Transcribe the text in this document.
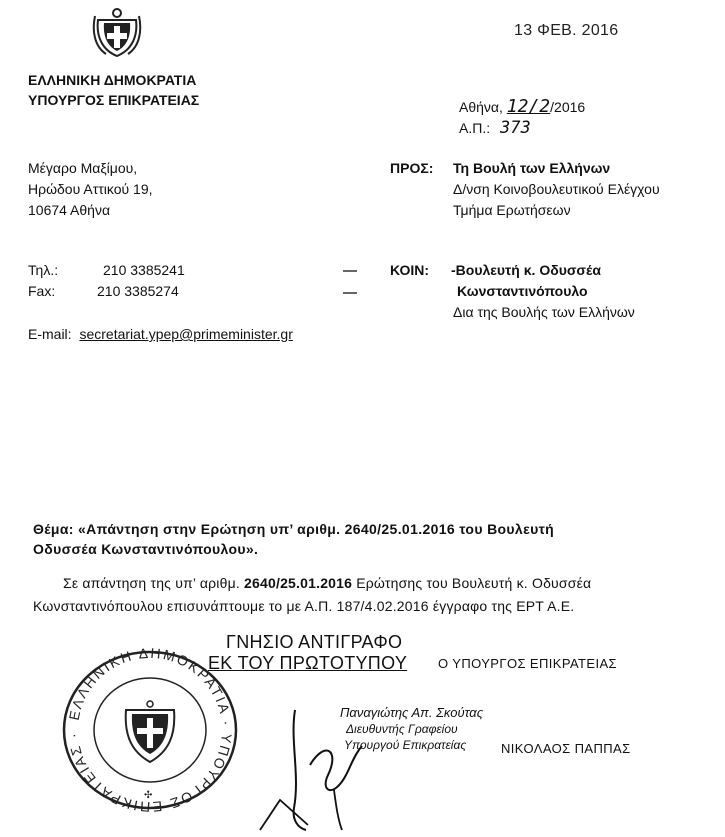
13 ΦΕΒ. 2016
ΕΛΛΗΝΙΚΗ ΔΗΜΟΚΡΑΤΙΑ
ΥΠΟΥΡΓΟΣ ΕΠΙΚΡΑΤΕΙΑΣ	Αθήνα, 12/2/2016
Α.Π.: 373
Μέγαρο Μαξίμου,
Ηρώδου Αττικού 19,
10674 Αθήνα
ΠΡΟΣ: Τη Βουλή των Ελλήνων
Δ/νση Κοινοβουλευτικού Ελέγχου
Τμήμα Ερωτήσεων
Τηλ.:	210 3385241
Fax:	210 3385274
ΚΟΙΝ: -Βουλευτή κ. Οδυσσέα
Κωνσταντινόπουλο
Δια της Βουλής των Ελλήνων
E-mail: secretariat.ypep@primeminister.gr
Θέμα: «Απάντηση στην Ερώτηση υπ’ αριθμ. 2640/25.01.2016 του Βουλευτή
Οδυσσέα Κωνσταντινόπουλου».
Σε απάντηση της υπ’ αριθμ. 2640/25.01.2016 Ερώτησης του Βουλευτή κ. Οδυσσέα
Κωνσταντινόπουλου επισυνάπτουμε το με Α.Π. 187/4.02.2016 έγγραφο της ΕΡΤ Α.Ε.
ΓΝΗΣΙΟ ΑΝΤΙΓΡΑΦΟ
ΕΚ ΤΟΥ ΠΡΩΤΟΤΥΠΟΥ
ΕΛΛΗΝΙΚΗ ΔΗΜΟΚΡΑΤΙΑ · ΥΠΟΥΡΓΟΣ ΕΠΙΚΡΑΤΕΙΑΣ ·
✣
Παναγιώτης Απ. Σκούτας
Διευθυντής Γραφείου
Υπουργού Επικρατείας
Ο ΥΠΟΥΡΓΟΣ ΕΠΙΚΡΑΤΕΙΑΣ
ΝΙΚΟΛΑΟΣ ΠΑΠΠΑΣ
